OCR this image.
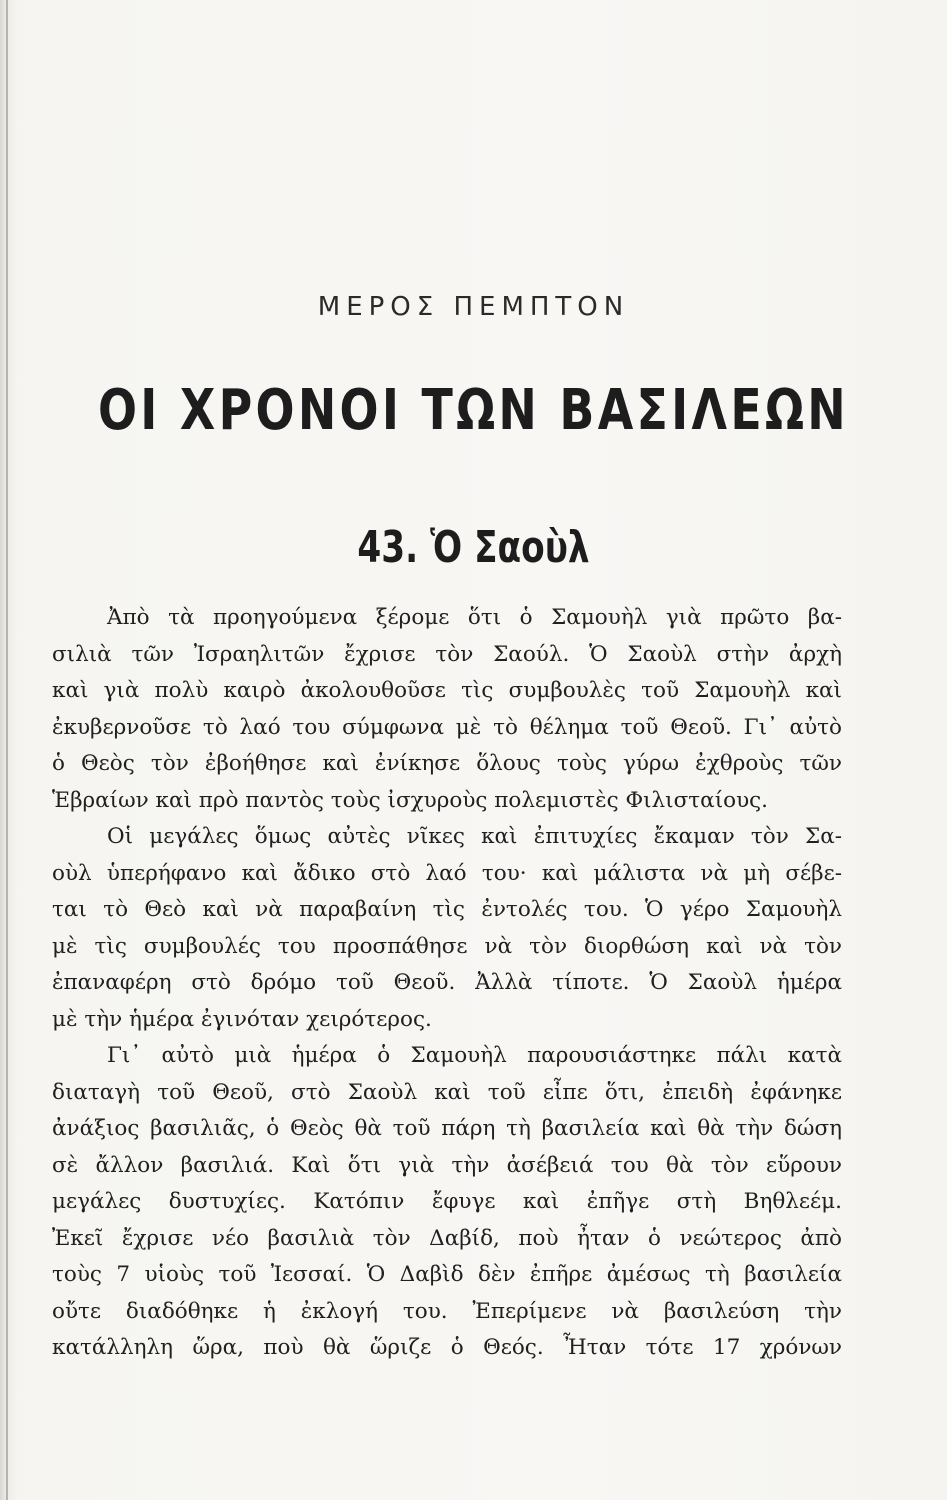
ΜΕΡΟΣ ΠΕΜΠΤΟΝ
ΟΙ ΧΡΟΝΟΙ ΤΩΝ ΒΑΣΙΛΕΩΝ
43. Ὁ Σαοὺλ
Ἀπὸ τὰ προηγούμενα ξέρομε ὅτι ὁ Σαμουὴλ γιὰ πρῶτο βα-
σιλιὰ τῶν Ἰσραηλιτῶν ἔχρισε τὸν Σαούλ. Ὁ Σαοὺλ στὴν ἀρχὴ
καὶ γιὰ πολὺ καιρὸ ἀκολουθοῦσε τὶς συμβουλὲς τοῦ Σαμουὴλ καὶ
ἐκυβερνοῦσε τὸ λαό του σύμφωνα μὲ τὸ θέλημα τοῦ Θεοῦ. Γι᾿ αὐτὸ
ὁ Θεὸς τὸν ἐβοήθησε καὶ ἐνίκησε ὅλους τοὺς γύρω ἐχθροὺς τῶν
Ἑβραίων καὶ πρὸ παντὸς τοὺς ἰσχυροὺς πολεμιστὲς Φιλισταίους.
Οἱ μεγάλες ὅμως αὐτὲς νῖκες καὶ ἐπιτυχίες ἔκαμαν τὸν Σα-
οὺλ ὑπερήφανο καὶ ἄδικο στὸ λαό του· καὶ μάλιστα νὰ μὴ σέβε-
ται τὸ Θεὸ καὶ νὰ παραβαίνη τὶς ἐντολές του. Ὁ γέρο Σαμουὴλ
μὲ τὶς συμβουλές του προσπάθησε νὰ τὸν διορθώση καὶ νὰ τὸν
ἐπαναφέρη στὸ δρόμο τοῦ Θεοῦ. Ἀλλὰ τίποτε. Ὁ Σαοὺλ ἡμέρα
μὲ τὴν ἡμέρα ἐγινόταν χειρότερος.
Γι᾿ αὐτὸ μιὰ ἡμέρα ὁ Σαμουὴλ παρουσιάστηκε πάλι κατὰ
διαταγὴ τοῦ Θεοῦ, στὸ Σαοὺλ καὶ τοῦ εἶπε ὅτι, ἐπειδὴ ἐφάνηκε
ἀνάξιος βασιλιᾶς, ὁ Θεὸς θὰ τοῦ πάρη τὴ βασιλεία καὶ θὰ τὴν δώση
σὲ ἄλλον βασιλιά. Καὶ ὅτι γιὰ τὴν ἀσέβειά του θὰ τὸν εὕρουν
μεγάλες δυστυχίες. Κατόπιν ἔφυγε καὶ ἐπῆγε στὴ Βηθλεέμ.
Ἐκεῖ ἔχρισε νέο βασιλιὰ τὸν Δαβίδ, ποὺ ἦταν ὁ νεώτερος ἀπὸ
τοὺς 7 υἱοὺς τοῦ Ἰεσσαί. Ὁ Δαβὶδ δὲν ἐπῆρε ἀμέσως τὴ βασιλεία
οὔτε διαδόθηκε ἡ ἐκλογή του. Ἐπερίμενε νὰ βασιλεύση τὴν
κατάλληλη ὥρα, ποὺ θὰ ὥριζε ὁ Θεός. Ἦταν τότε 17 χρόνων
